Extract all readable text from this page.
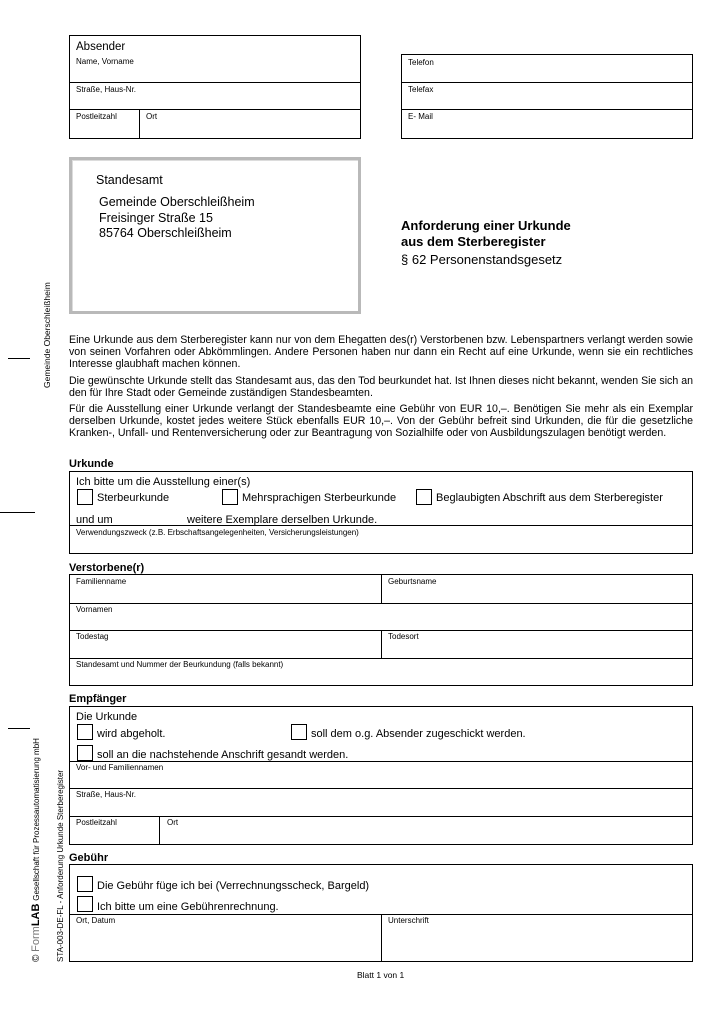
Gemeinde Oberschleißheim
© FormLAB Gesellschaft für Prozessautomatisierung mbH STA-003-DE-FL - Anforderung Urkunde Sterberegister
Absender
Name, Vorname
Straße, Haus-Nr.
Postleitzahl	Ort
Telefon
Telefax
E- Mail
Standesamt
Gemeinde Oberschleißheim
Freisinger Straße 15
85764 Oberschleißheim	Anforderung einer Urkunde
aus dem Sterberegister
§ 62 Personenstandsgesetz

Eine Urkunde aus dem Sterberegister kann nur von dem Ehegatten des(r) Verstorbenen bzw. Lebenspartners verlangt werden sowie von seinen Vorfahren oder Abkömmlingen. Andere Personen haben nur dann ein Recht auf eine Urkunde, wenn sie ein rechtliches Interesse glaubhaft machen können.

Die gewünschte Urkunde stellt das Standesamt aus, das den Tod beurkundet hat. Ist Ihnen dieses nicht bekannt, wenden Sie sich an den für Ihre Stadt oder Gemeinde zuständigen Standesbeamten.

Für die Ausstellung einer Urkunde verlangt der Standesbeamte eine Gebühr von EUR 10,–. Benötigen Sie mehr als ein Exemplar derselben Urkunde, kostet jedes weitere Stück ebenfalls EUR 10,–. Von der Gebühr befreit sind Urkunden, die für die gesetzliche Kranken-, Unfall- und Rentenversicherung oder zur Beantragung von Sozialhilfe oder von Ausbildungszulagen benötigt werden.

Urkunde
Ich bitte um die Ausstellung einer(s)
Sterbeurkunde	Mehrsprachigen Sterbeurkunde	Beglaubigten Abschrift aus dem Sterberegister
und um	weitere Exemplare derselben Urkunde.
Verwendungszweck (z.B. Erbschaftsangelegenheiten, Versicherungsleistungen)
Verstorbene(r)
Familienname	Geburtsname
Vornamen
Todestag	Todesort
Standesamt und Nummer der Beurkundung (falls bekannt)
Empfänger
Die Urkunde
wird abgeholt.	soll dem o.g. Absender zugeschickt werden.
soll an die nachstehende Anschrift gesandt werden.
Vor- und Familiennamen
Straße, Haus-Nr.
Postleitzahl	Ort
Gebühr
Die Gebühr füge ich bei (Verrechnungsscheck, Bargeld)
Ich bitte um eine Gebührenrechnung.
Ort, Datum	Unterschrift
Blatt 1 von 1
